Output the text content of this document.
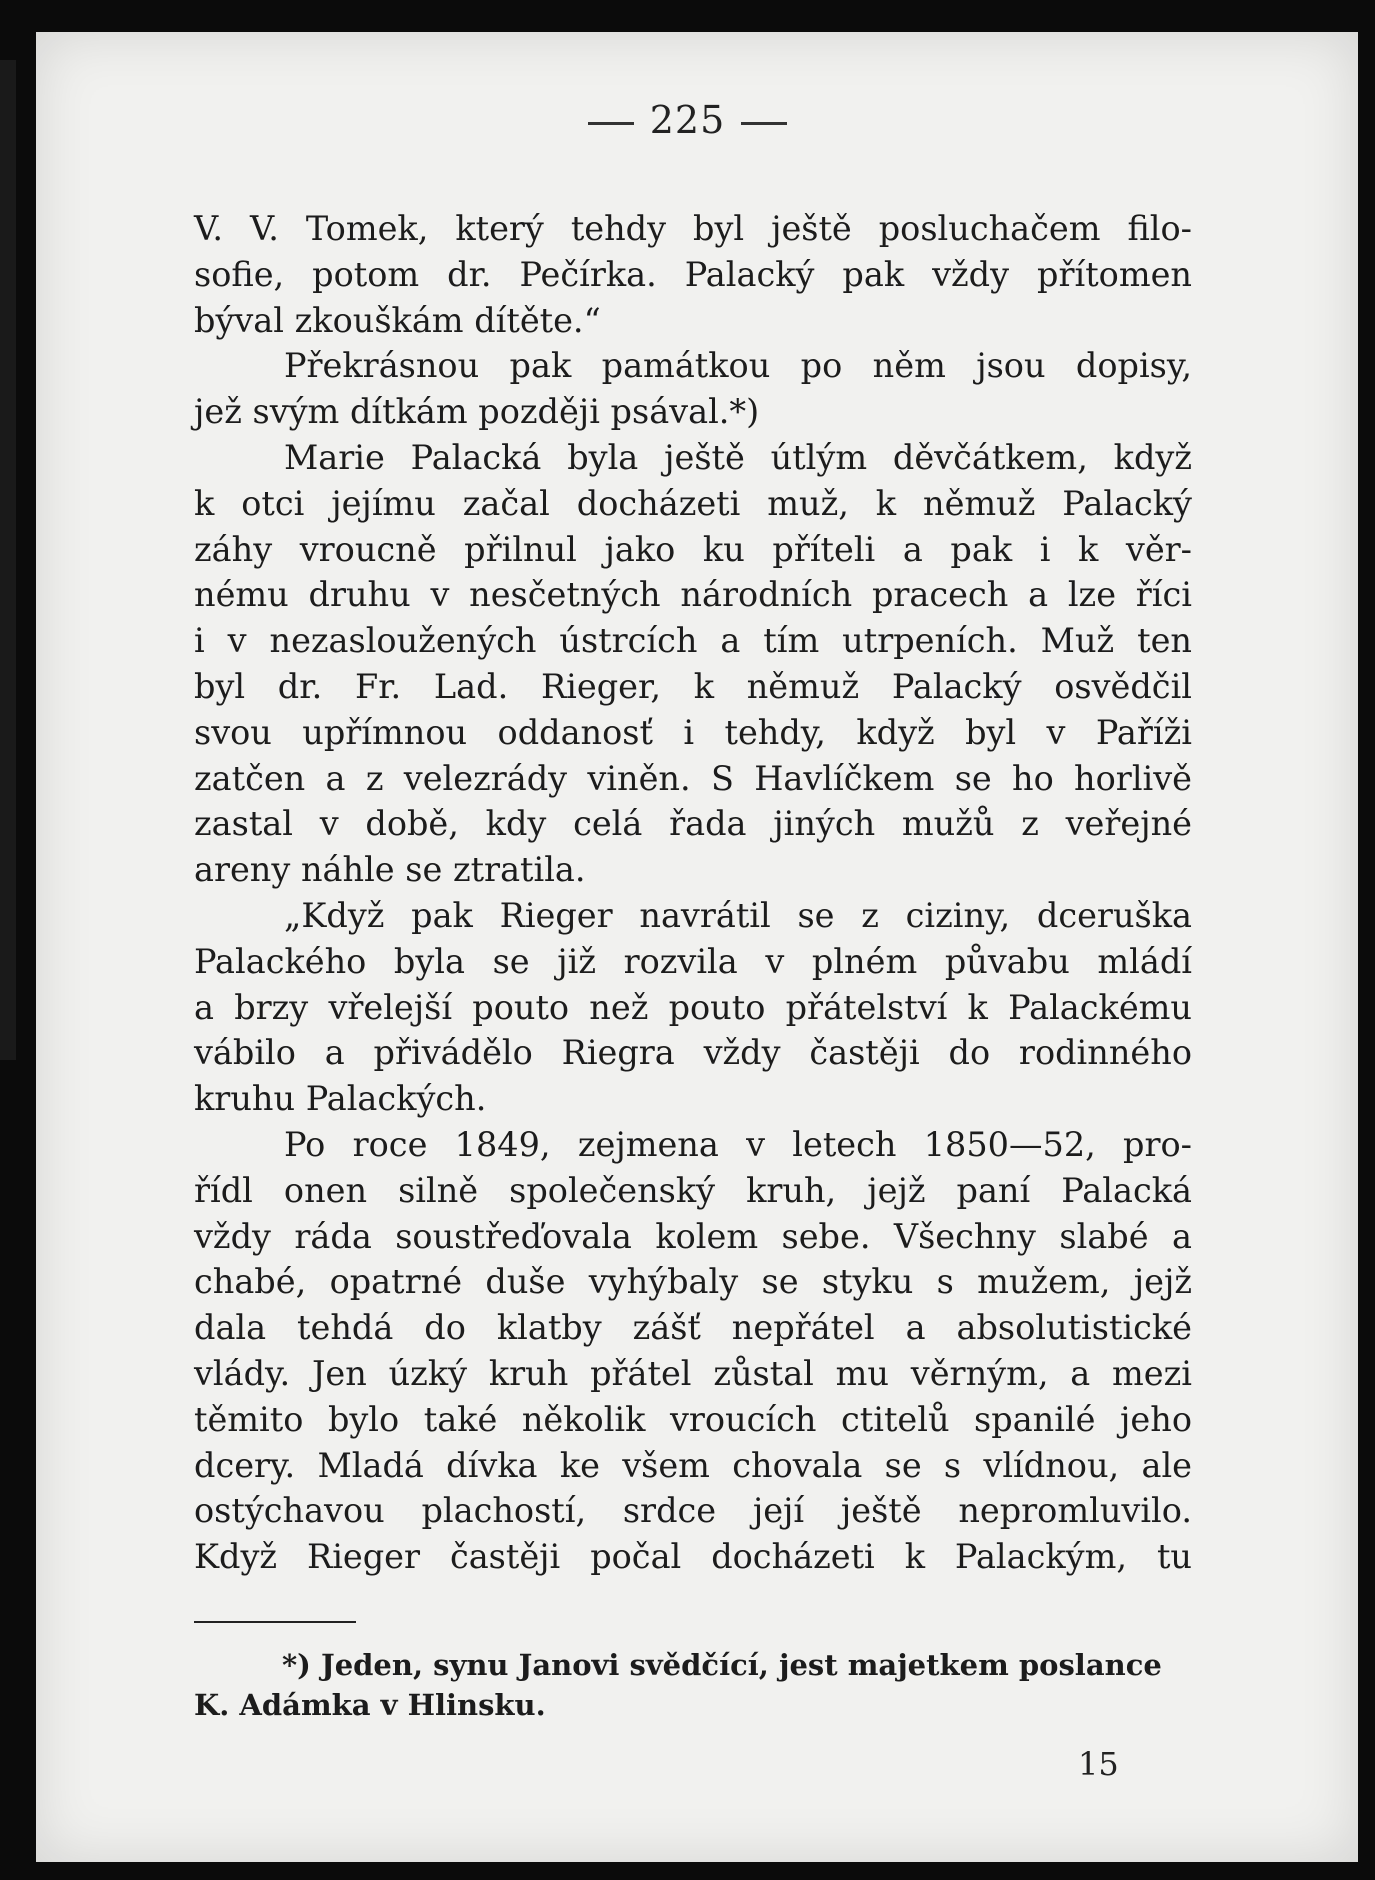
225
V. V. Tomek, který tehdy byl ještě posluchačem filo-
sofie, potom dr. Pečírka. Palacký pak vždy přítomen
býval zkouškám dítěte.“
Překrásnou pak památkou po něm jsou dopisy,
jež svým dítkám později psával.*)
Marie Palacká byla ještě útlým děvčátkem, když
k otci jejímu začal docházeti muž, k němuž Palacký
záhy vroucně přilnul jako ku příteli a pak i k věr-
nému druhu v nesčetných národních pracech a lze říci
i v nezasloužených ústrcích a tím utrpeních. Muž ten
byl dr. Fr. Lad. Rieger, k němuž Palacký osvědčil
svou upřímnou oddanosť i tehdy, když byl v Paříži
zatčen a z velezrády viněn. S Havlíčkem se ho horlivě
zastal v době, kdy celá řada jiných mužů z veřejné
areny náhle se ztratila.
„Když pak Rieger navrátil se z ciziny, dceruška
Palackého byla se již rozvila v plném půvabu mládí
a brzy vřelejší pouto než pouto přátelství k Palackému
vábilo a přivádělo Riegra vždy častěji do rodinného
kruhu Palackých.
Po roce 1849, zejmena v letech 1850—52, pro-
řídl onen silně společenský kruh, jejž paní Palacká
vždy ráda soustřeďovala kolem sebe. Všechny slabé a
chabé, opatrné duše vyhýbaly se styku s mužem, jejž
dala tehdá do klatby zášť nepřátel a absolutistické
vlády. Jen úzký kruh přátel zůstal mu věrným, a mezi
těmito bylo také několik vroucích ctitelů spanilé jeho
dcery. Mladá dívka ke všem chovala se s vlídnou, ale
ostýchavou plachostí, srdce její ještě nepromluvilo.
Když Rieger častěji počal docházeti k Palackým, tu
*) Jeden, synu Janovi svědčící, jest majetkem poslance
K. Adámka v Hlinsku.
15
